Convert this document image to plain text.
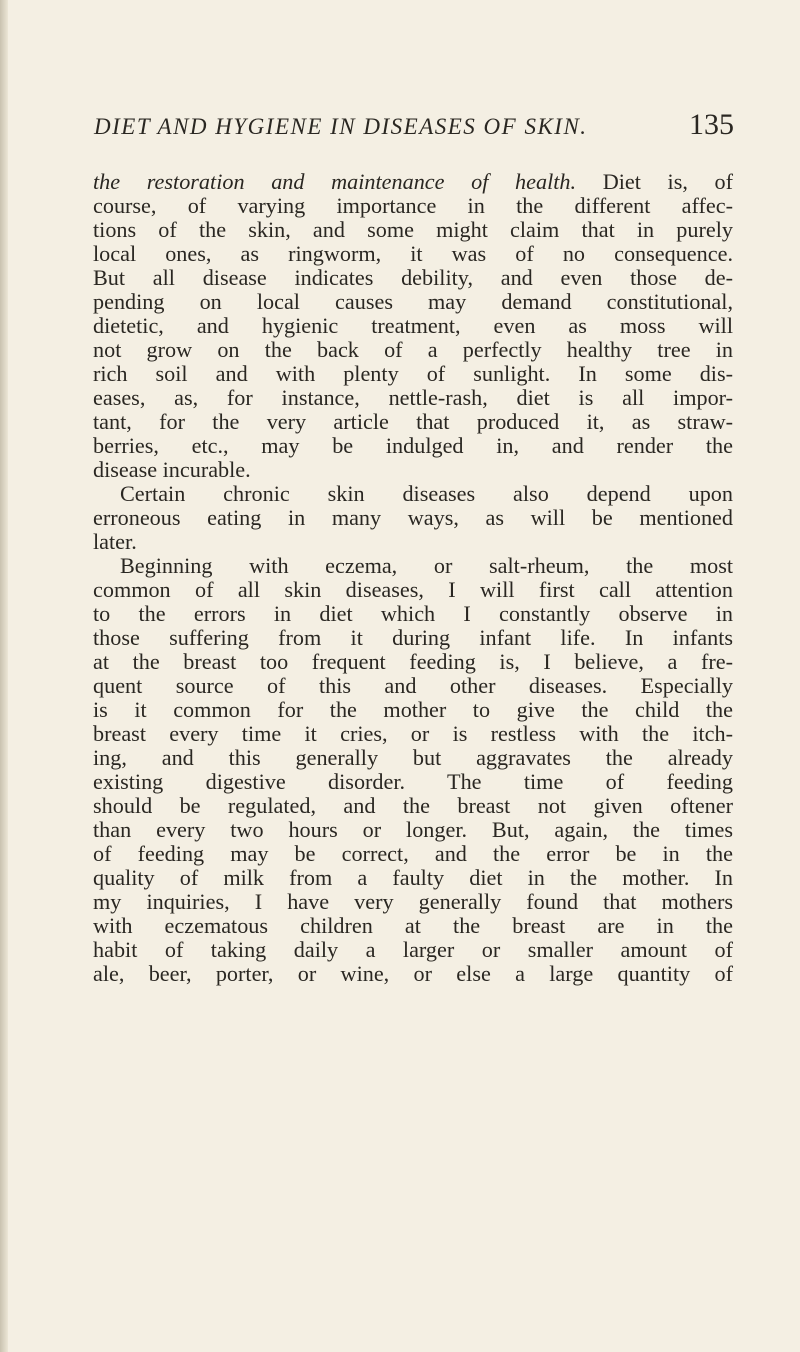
DIET AND HYGIENE IN DISEASES OF SKIN.	135

the restoration and maintenance of health. Diet is, of

course, of varying importance in the different affec-

tions of the skin, and some might claim that in purely

local ones, as ringworm, it was of no consequence.

But all disease indicates debility, and even those de-

pending on local causes may demand constitutional,

dietetic, and hygienic treatment, even as moss will

not grow on the back of a perfectly healthy tree in

rich soil and with plenty of sunlight. In some dis-

eases, as, for instance, nettle-rash, diet is all impor-

tant, for the very article that produced it, as straw-

berries, etc., may be indulged in, and render the

disease incurable.

Certain chronic skin diseases also depend upon

erroneous eating in many ways, as will be mentioned

later.

Beginning with eczema, or salt-rheum, the most

common of all skin diseases, I will first call attention

to the errors in diet which I constantly observe in

those suffering from it during infant life. In infants

at the breast too frequent feeding is, I believe, a fre-

quent source of this and other diseases. Especially

is it common for the mother to give the child the

breast every time it cries, or is restless with the itch-

ing, and this generally but aggravates the already

existing digestive disorder. The time of feeding

should be regulated, and the breast not given oftener

than every two hours or longer. But, again, the times

of feeding may be correct, and the error be in the

quality of milk from a faulty diet in the mother. In

my inquiries, I have very generally found that mothers

with eczematous children at the breast are in the

habit of taking daily a larger or smaller amount of

ale, beer, porter, or wine, or else a large quantity of
